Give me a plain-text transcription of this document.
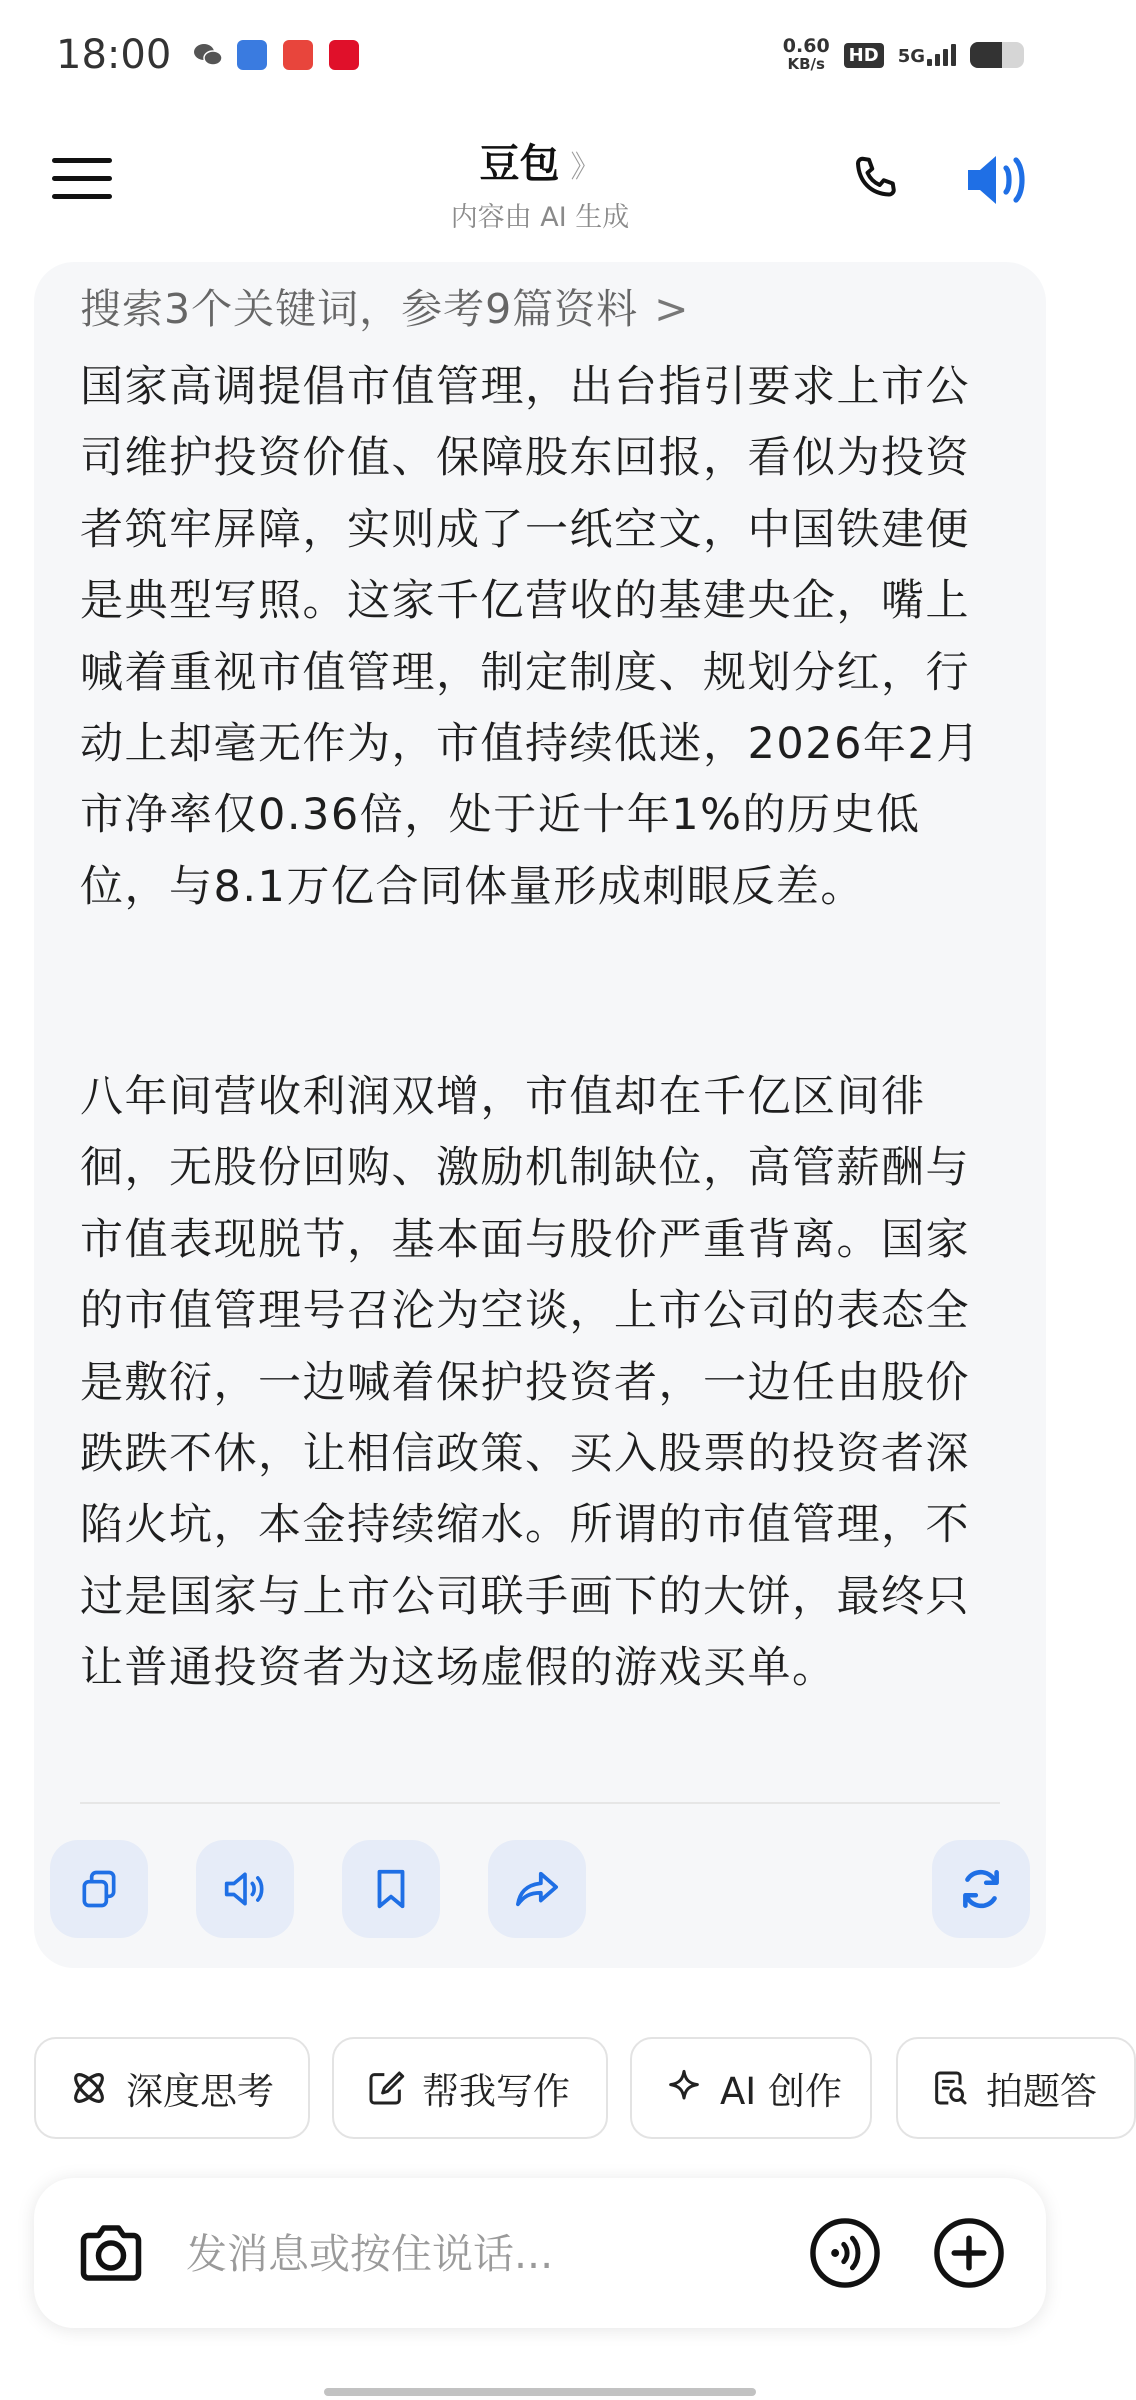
18:00	0.60
KB/s HD 5G
豆包 》
内容由 AI 生成
搜索3个关键词，参考9篇资料 >

国家高调提倡市值管理，出台指引要求上市公司维护投资价值、保障股东回报，看似为投资者筑牢屏障，实则成了一纸空文，中国铁建便是典型写照。这家千亿营收的基建央企，嘴上喊着重视市值管理，制定制度、规划分红，行动上却毫无作为，市值持续低迷，2026年2月市净率仅0.36倍，处于近十年1%的历史低位，与8.1万亿合同体量形成刺眼反差。

八年间营收利润双增，市值却在千亿区间徘徊，无股份回购、激励机制缺位，高管薪酬与市值表现脱节，基本面与股价严重背离。国家的市值管理号召沦为空谈，上市公司的表态全是敷衍，一边喊着保护投资者，一边任由股价跌跌不休，让相信政策、买入股票的投资者深陷火坑，本金持续缩水。所谓的市值管理，不过是国家与上市公司联手画下的大饼，最终只让普通投资者为这场虚假的游戏买单。

深度思考	帮我写作	AI 创作	拍题答
发消息或按住说话...
